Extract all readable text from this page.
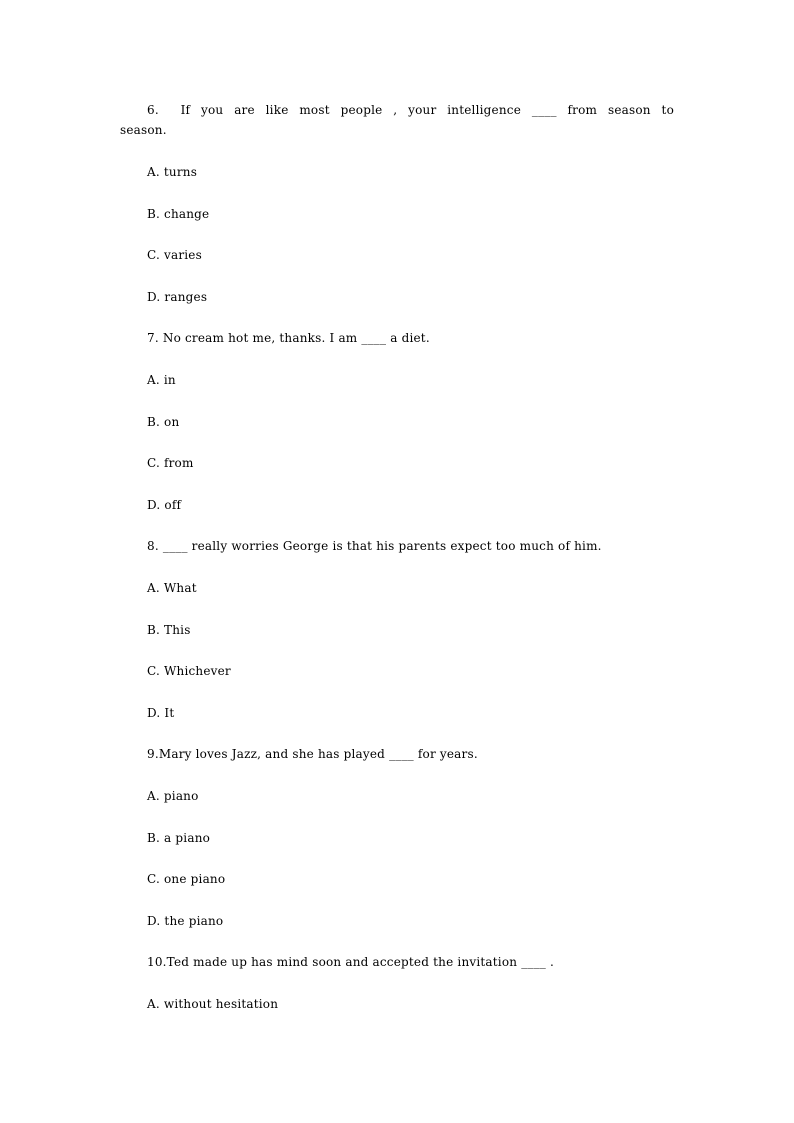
6.  If you are like most people , your intelligence ____ from season to
season.
A. turns
B. change
C. varies
D. ranges
7. No cream hot me, thanks. I am ____ a diet.
A. in
B. on
C. from
D. off
8. ____ really worries George is that his parents expect too much of him.
A. What
B. This
C. Whichever
D. It
9.Mary loves Jazz, and she has played ____ for years.
A. piano
B. a piano
C. one piano
D. the piano
10.Ted made up has mind soon and accepted the invitation ____ .
A. without hesitation
